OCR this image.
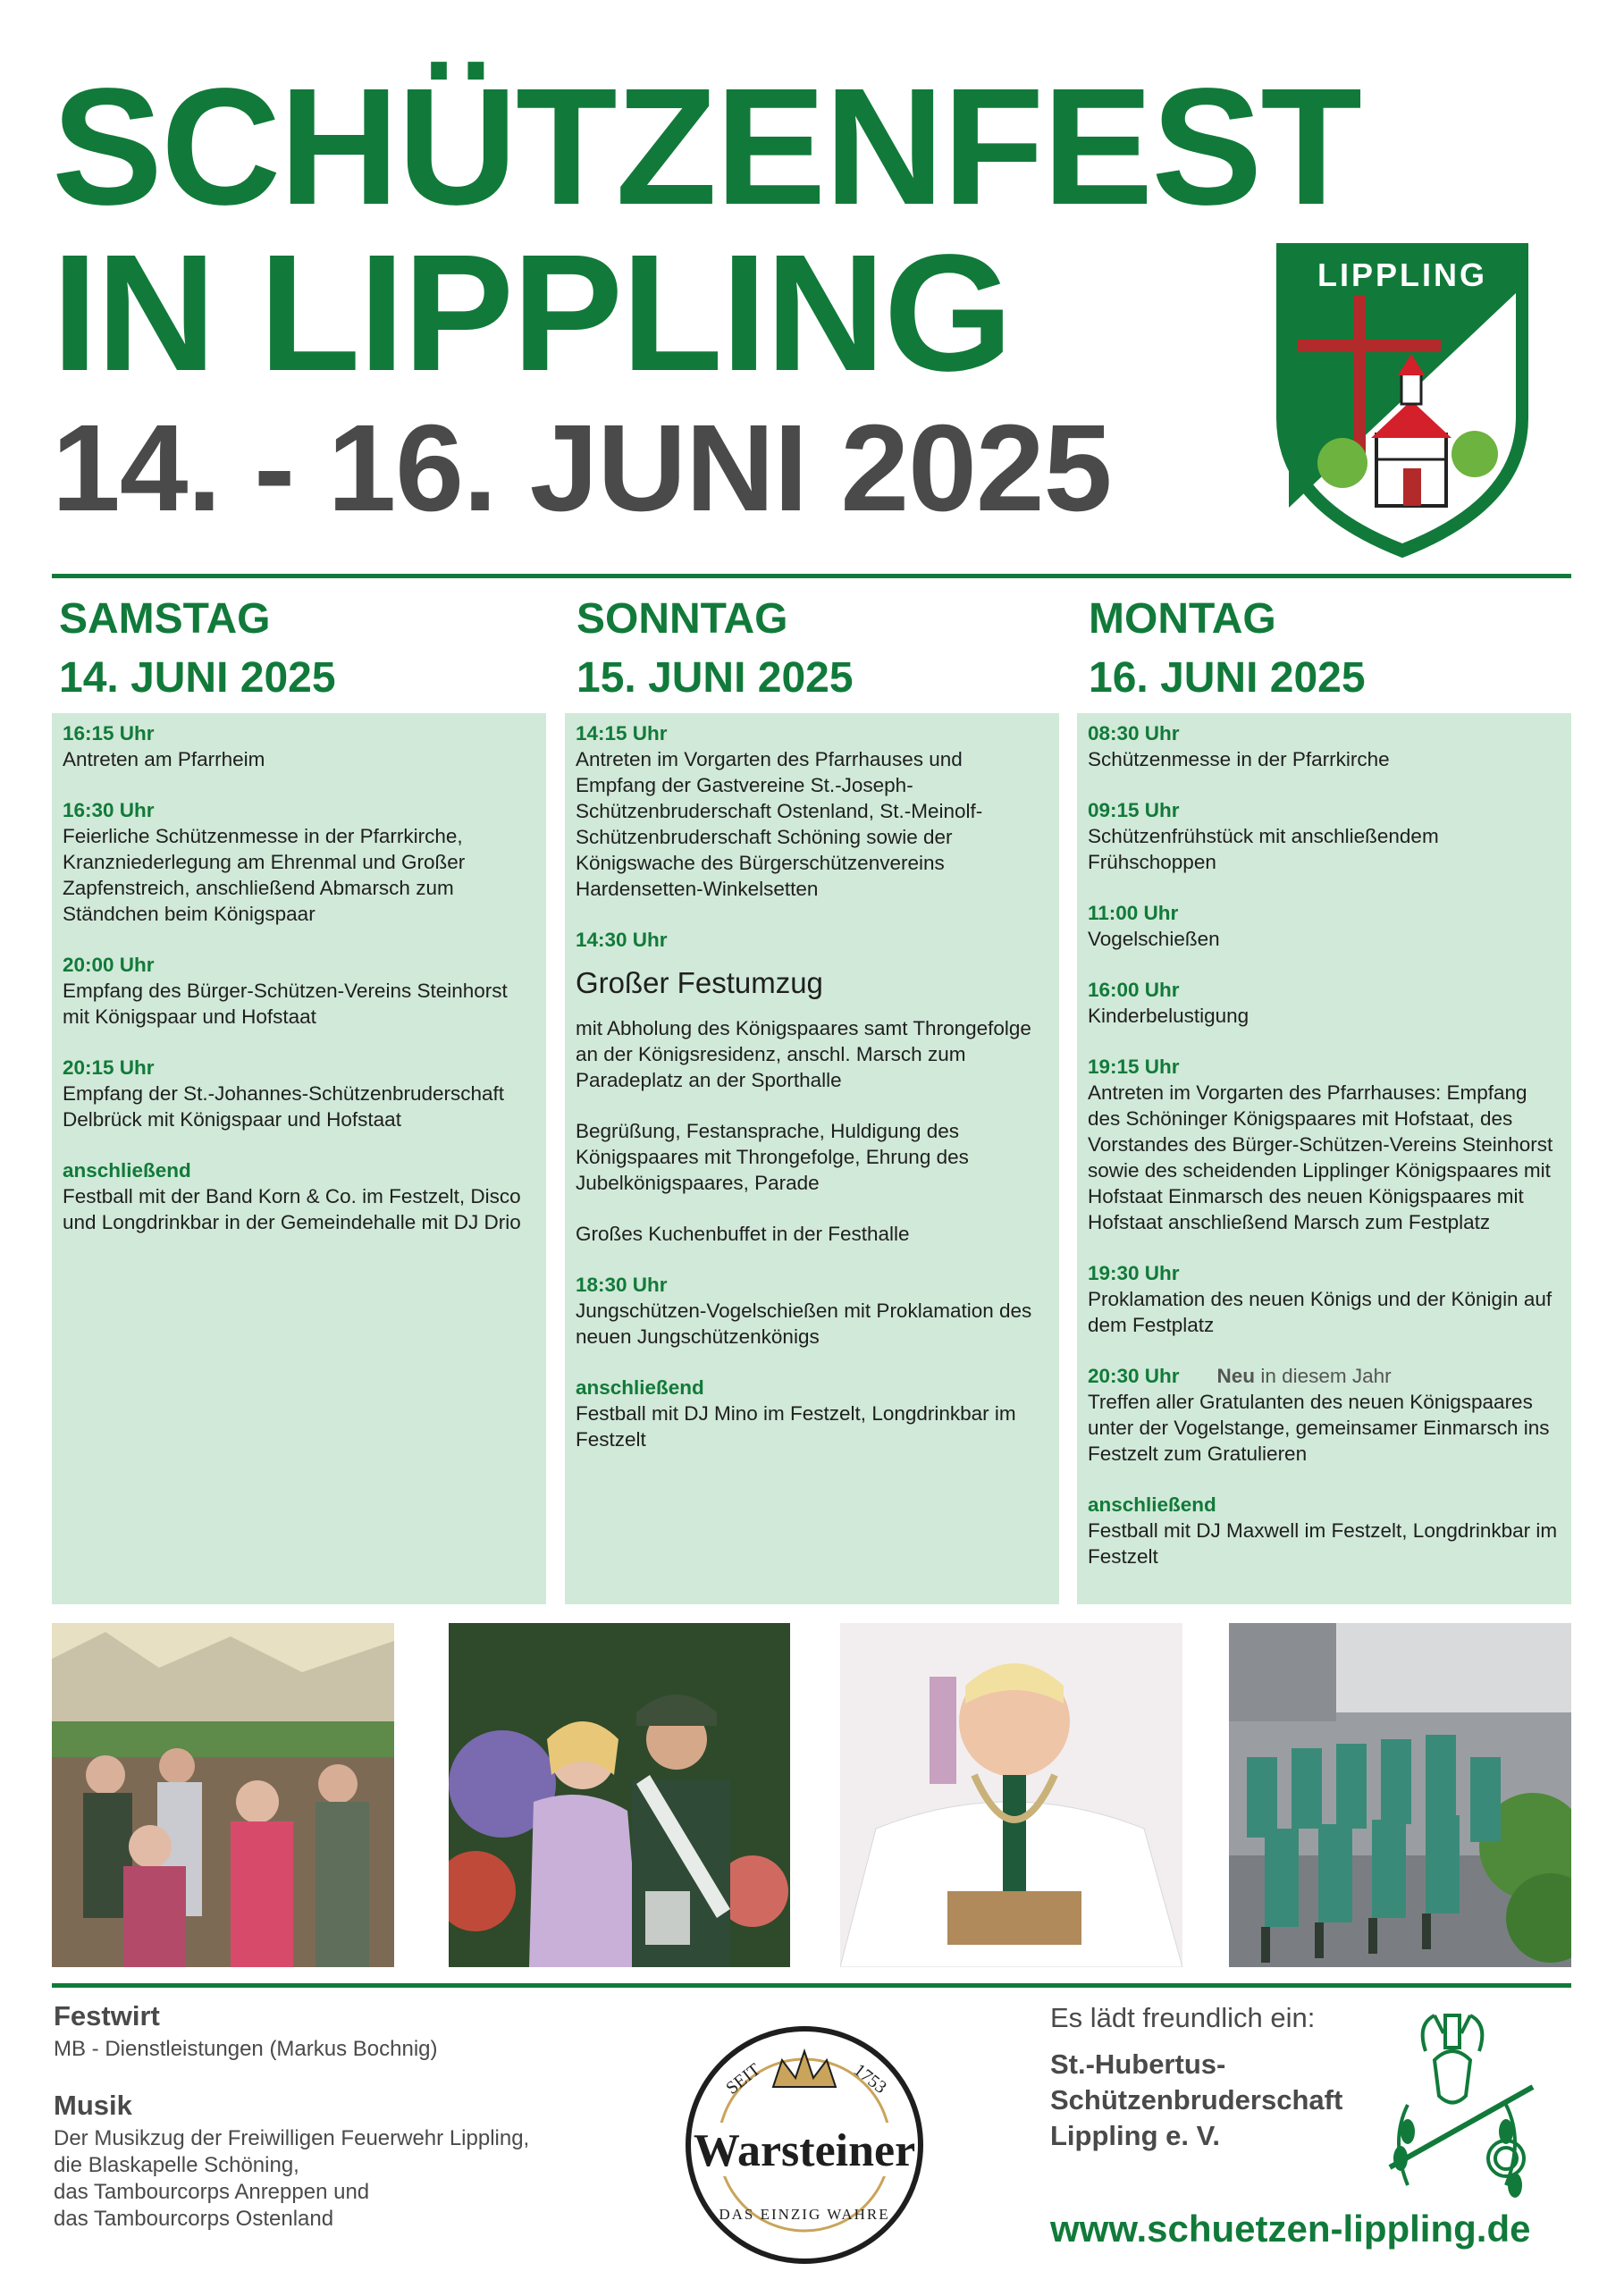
SCHÜTZENFEST
IN LIPPLING
14. - 16. JUNI 2025
LIPPLING
SAMSTAG
14. JUNI 2025
SONNTAG
15. JUNI 2025
MONTAG
16. JUNI 2025
16:15 Uhr
Antreten am Pfarrheim
16:30 Uhr
Feierliche Schützenmesse in der Pfarrkirche, Kranzniederlegung am Ehrenmal und Großer Zapfenstreich, anschließend Abmarsch zum Ständchen beim Königspaar
20:00 Uhr
Empfang des Bürger-Schützen-Vereins Steinhorst mit Königspaar und Hofstaat
20:15 Uhr
Empfang der St.-Johannes-Schützenbruderschaft Delbrück mit Königspaar und Hofstaat
anschließend
Festball mit der Band Korn & Co. im Festzelt, Disco und Longdrinkbar in der Gemeindehalle mit DJ Drio
14:15 Uhr
Antreten im Vorgarten des Pfarrhauses und Empfang der Gastvereine St.-Joseph-Schützenbruderschaft Ostenland, St.-Meinolf-Schützenbruderschaft Schöning sowie der Königswache des Bürgerschützenvereins Hardensetten-Winkelsetten
14:30 Uhr
Großer Festumzug
mit Abholung des Königspaares samt Throngefolge an der Königsresidenz, anschl. Marsch zum Paradeplatz an der Sporthalle
Begrüßung, Festansprache, Huldigung des Königspaares mit Throngefolge, Ehrung des Jubelkönigspaares, Parade
Großes Kuchenbuffet in der Festhalle
18:30 Uhr
Jungschützen-Vogelschießen mit Proklamation des neuen Jungschützenkönigs
anschließend
Festball mit DJ Mino im Festzelt, Longdrinkbar im Festzelt
08:30 Uhr
Schützenmesse in der Pfarrkirche
09:15 Uhr
Schützenfrühstück mit anschließendem Frühschoppen
11:00 Uhr
Vogelschießen
16:00 Uhr
Kinderbelustigung
19:15 Uhr
Antreten im Vorgarten des Pfarrhauses: Empfang des Schöninger Königspaares mit Hofstaat, des Vorstandes des Bürger-Schützen-Vereins Steinhorst sowie des scheidenden Lipplinger Königspaares mit Hofstaat Einmarsch des neuen Königspaares mit Hofstaat anschließend Marsch zum Festplatz
19:30 Uhr
Proklamation des neuen Königs und der Königin auf dem Festplatz
20:30 Uhr Neu in diesem Jahr
Treffen aller Gratulanten des neuen Königspaares unter der Vogelstange, gemeinsamer Einmarsch ins Festzelt zum Gratulieren
anschließend
Festball mit DJ Maxwell im Festzelt, Longdrinkbar im Festzelt
Festwirt
MB - Dienstleistungen (Markus Bochnig)
Musik
Der Musikzug der Freiwilligen Feuerwehr Lippling,
die Blaskapelle Schöning,
das Tambourcorps Anreppen und
das Tambourcorps Ostenland
SEIT	1753
Warsteiner
DAS EINZIG WAHRE
Es lädt freundlich ein:
St.-Hubertus-
Schützenbruderschaft
Lippling e. V.
www.schuetzen-lippling.de
